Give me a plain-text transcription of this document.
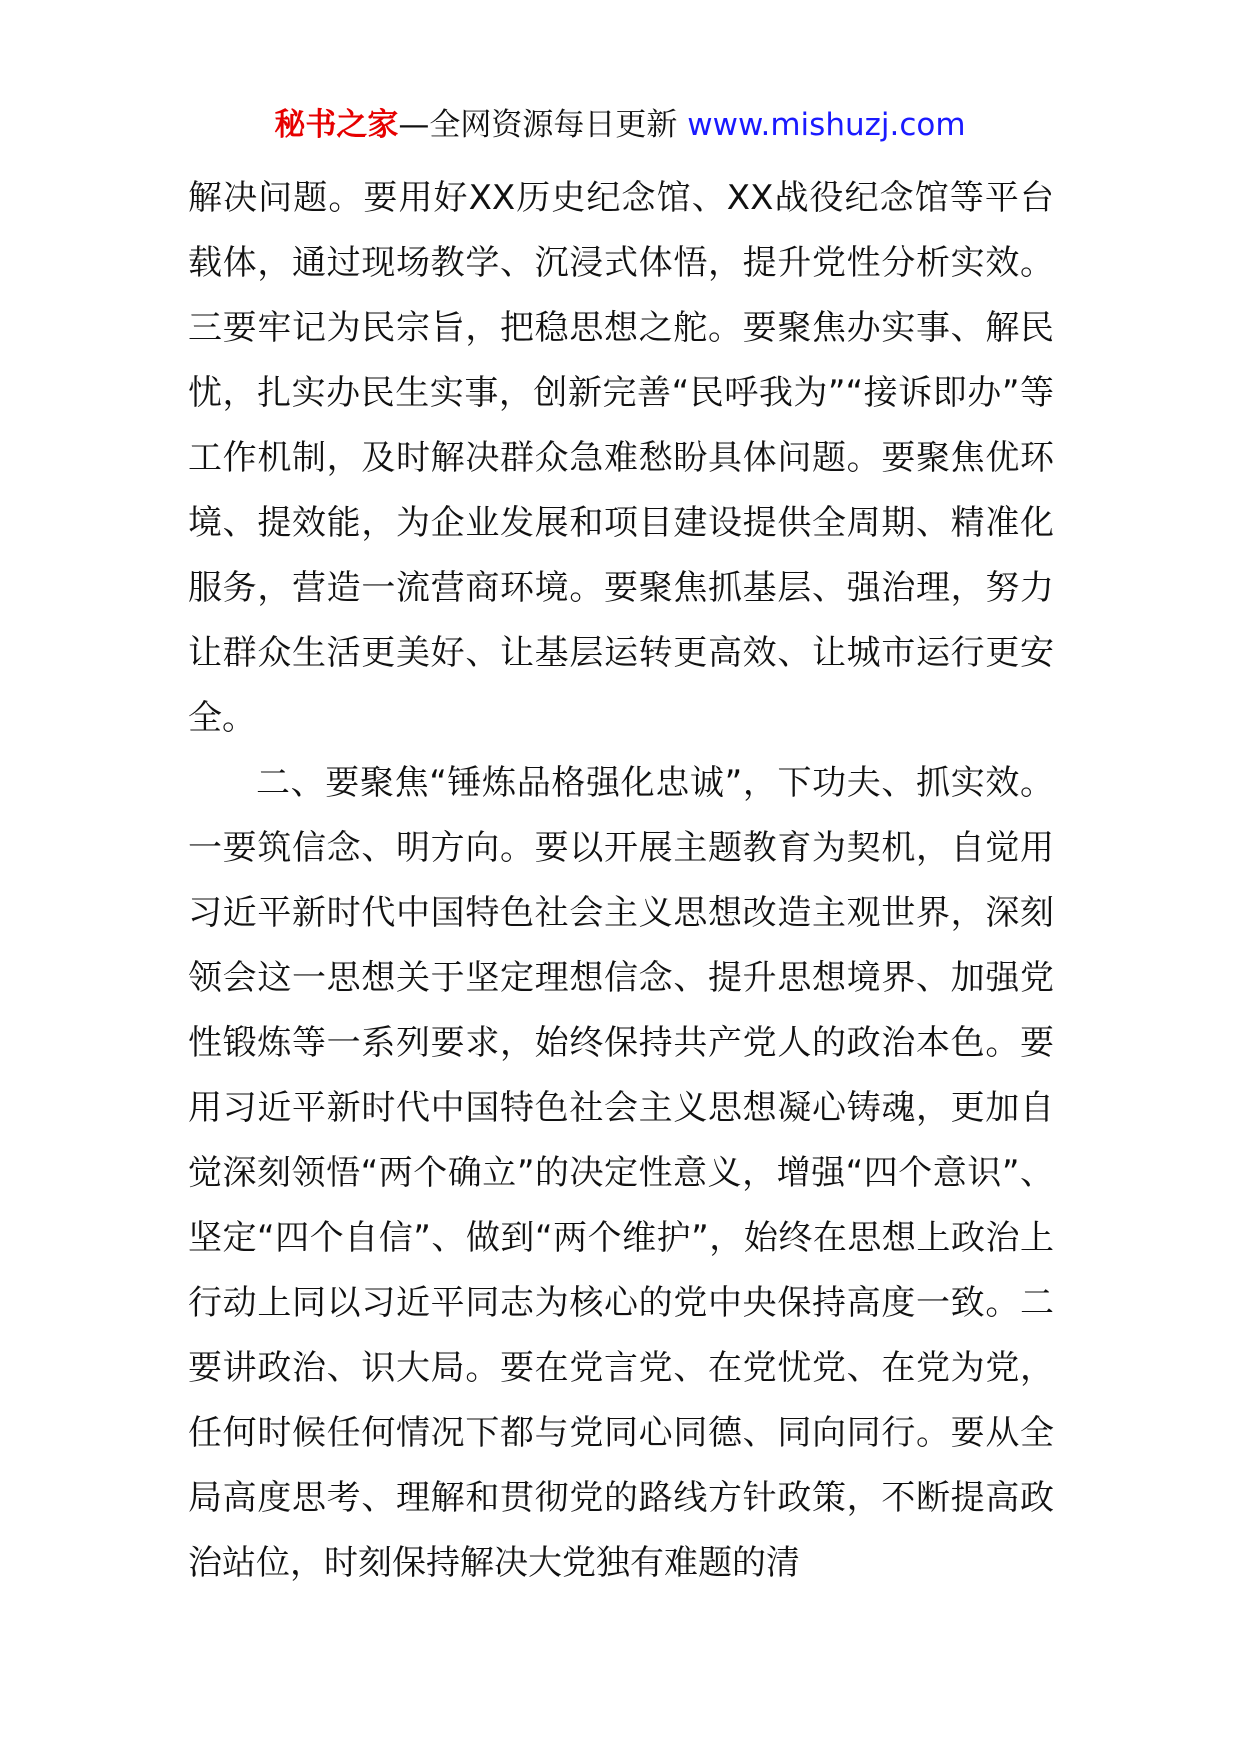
秘书之家—全网资源每日更新 www.mishuzj.com

解决问题。要用好XX历史纪念馆、XX战役纪念馆等平台载体，通过现场教学、沉浸式体悟，提升党性分析实效。三要牢记为民宗旨，把稳思想之舵。要聚焦办实事、解民忧，扎实办民生实事，创新完善“民呼我为”“接诉即办”等工作机制，及时解决群众急难愁盼具体问题。要聚焦优环境、提效能，为企业发展和项目建设提供全周期、精准化服务，营造一流营商环境。要聚焦抓基层、强治理，努力让群众生活更美好、让基层运转更高效、让城市运行更安全。

二、要聚焦“锤炼品格强化忠诚”，下功夫、抓实效。一要筑信念、明方向。要以开展主题教育为契机，自觉用习近平新时代中国特色社会主义思想改造主观世界，深刻领会这一思想关于坚定理想信念、提升思想境界、加强党性锻炼等一系列要求，始终保持共产党人的政治本色。要用习近平新时代中国特色社会主义思想凝心铸魂，更加自觉深刻领悟“两个确立”的决定性意义，增强“四个意识”、坚定“四个自信”、做到“两个维护”，始终在思想上政治上行动上同以习近平同志为核心的党中央保持高度一致。二要讲政治、识大局。要在党言党、在党忧党、在党为党，任何时候任何情况下都与党同心同德、同向同行。要从全局高度思考、理解和贯彻党的路线方针政策，不断提高政治站位，时刻保持解决大党独有难题的清
